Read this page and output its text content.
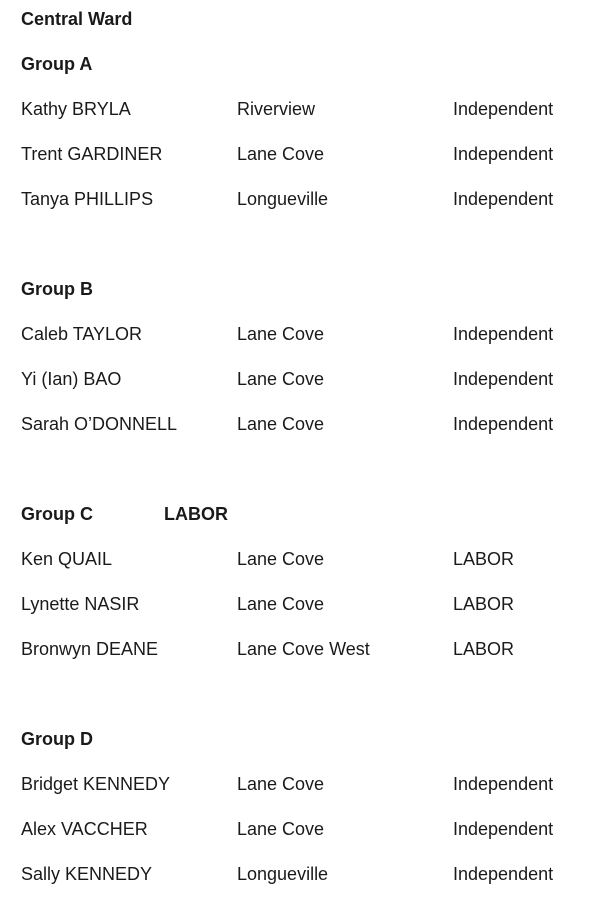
Central Ward
Group A
Kathy BRYLA	Riverview	Independent
Trent GARDINER	Lane Cove	Independent
Tanya PHILLIPS	Longueville	Independent
Group B
Caleb TAYLOR	Lane Cove	Independent
Yi (Ian) BAO	Lane Cove	Independent
Sarah O’DONNELL	Lane Cove	Independent
Group C	LABOR
Ken QUAIL	Lane Cove	LABOR
Lynette NASIR	Lane Cove	LABOR
Bronwyn DEANE	Lane Cove West	LABOR
Group D
Bridget KENNEDY	Lane Cove	Independent
Alex VACCHER	Lane Cove	Independent
Sally KENNEDY	Longueville	Independent
